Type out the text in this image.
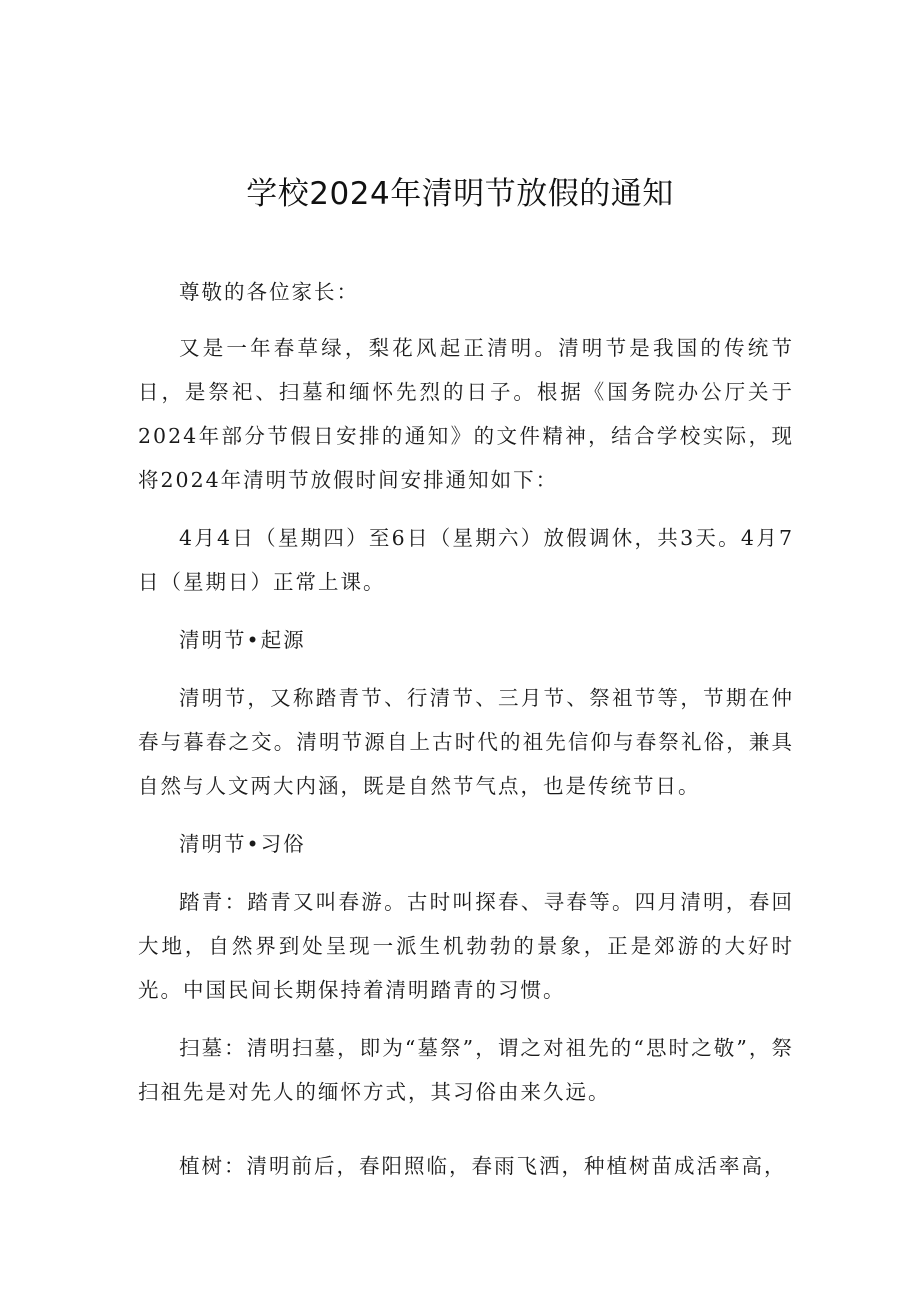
学校2024年清明节放假的通知

尊敬的各位家长：

又是一年春草绿，梨花风起正清明。清明节是我国的传统节日，是祭祀、扫墓和缅怀先烈的日子。根据《国务院办公厅关于2024年部分节假日安排的通知》的文件精神，结合学校实际，现将2024年清明节放假时间安排通知如下：

4月4日（星期四）至6日（星期六）放假调休，共3天。4月7日（星期日）正常上课。

清明节•起源

清明节，又称踏青节、行清节、三月节、祭祖节等，节期在仲春与暮春之交。清明节源自上古时代的祖先信仰与春祭礼俗，兼具自然与人文两大内涵，既是自然节气点，也是传统节日。

清明节•习俗

踏青：踏青又叫春游。古时叫探春、寻春等。四月清明，春回大地，自然界到处呈现一派生机勃勃的景象，正是郊游的大好时光。中国民间长期保持着清明踏青的习惯。

扫墓：清明扫墓，即为“墓祭”，谓之对祖先的“思时之敬”，祭扫祖先是对先人的缅怀方式，其习俗由来久远。

植树：清明前后，春阳照临，春雨飞洒，种植树苗成活率高，
